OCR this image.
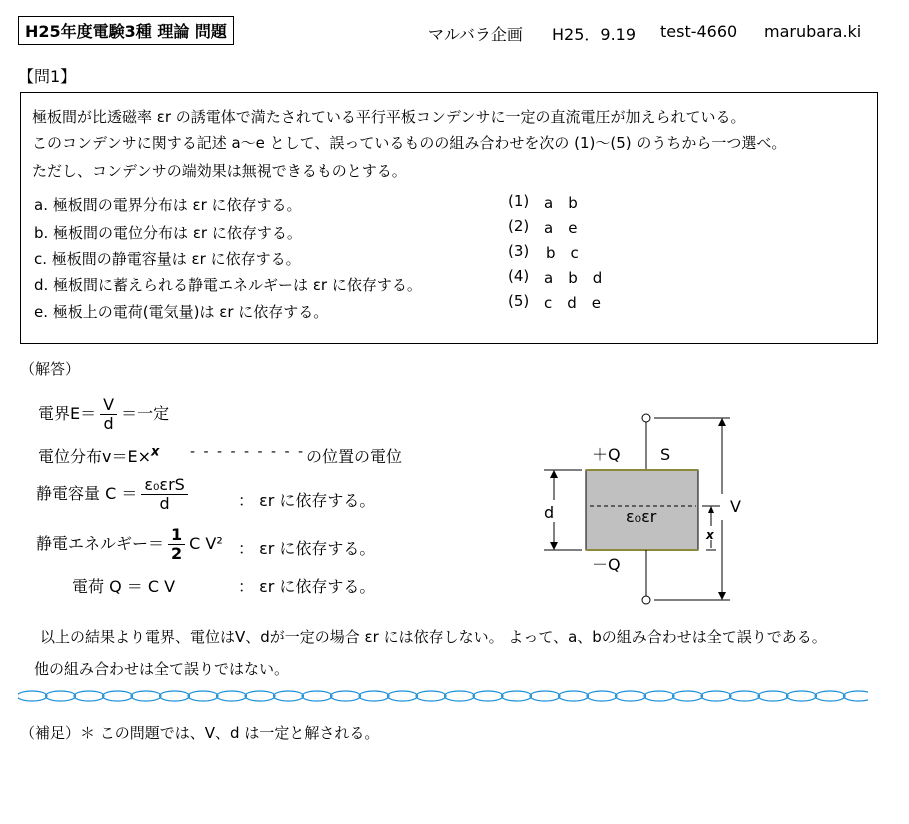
H25年度電験3種 理論 問題	マルバラ企画 H25．9.19 test-4660 marubara.ki
【問1】
極板間が比透磁率 εr の誘電体で満たされている平行平板コンデンサに一定の直流電圧が加えられている。
このコンデンサに関する記述 a～e として、誤っているものの組み合わせを次の (1)～(5) のうちから一つ選べ。
ただし、コンデンサの端効果は無視できるものとする。
a. 極板間の電界分布は εr に依存する。
b. 極板間の電位分布は εr に依存する。
c. 極板間の静電容量は εr に依存する。
d. 極板間に蓄えられる静電エネルギーは εr に依存する。
e. 極板上の電荷(電気量)は εr に依存する。
(1) a　b
(2) a　e
(3) b　c
(4) a　b　d
(5) c　d　e
（解答）
電界$E= \frac{V}{d}$ ＝一定
電位分布v＝E×$^x$ - - - - - - - - - の位置の電位
静電容量 $C = \frac{\text{ε₀εrS}}{d}$	： εr に依存する。
静電エネルギー＝ $\frac{1}{2}$ C V² ： εr に依存する。
電荷 Q ＝ C V	： εr に依存する。
以上の結果より電界、電位はV、dが一定の場合 εr には依存しない。 よって、a、bの組み合わせは全て誤りである。
他の組み合わせは全て誤りではない。
（補足）＊ この問題では、V、d は一定と解される。
＋Q S
－Q
d	V
ε₀εr
x
